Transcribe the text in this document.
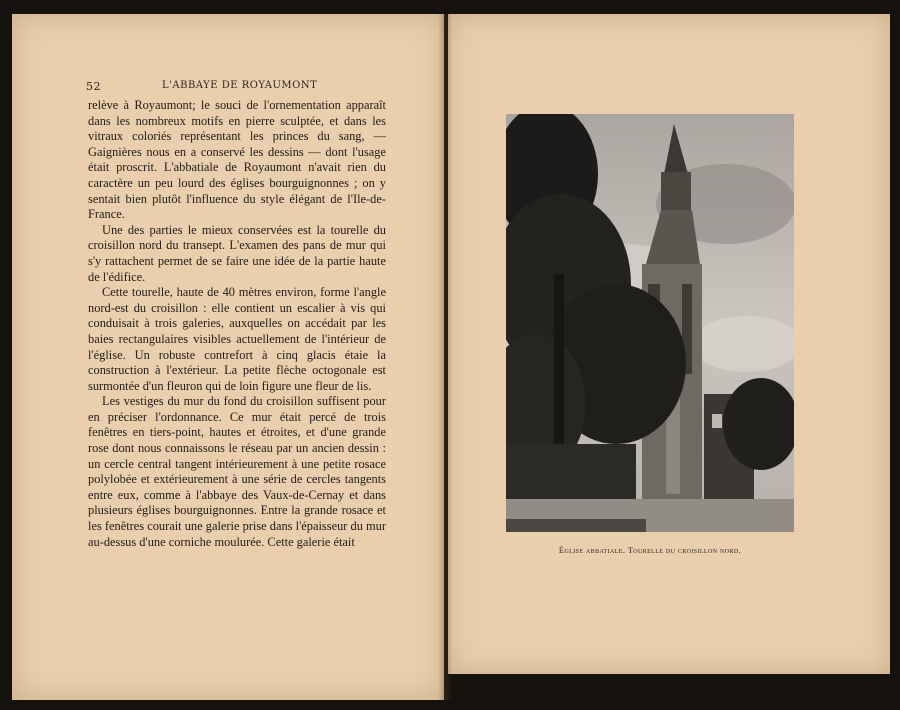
52	L'ABBAYE DE ROYAUMONT

relève à Royaumont; le souci de l'ornementation apparaît dans les nombreux motifs en pierre sculptée, et dans les vitraux coloriés représentant les princes du sang, — Gaignières nous en a conservé les dessins — dont l'usage était proscrit. L'abbatiale de Royaumont n'avait rien du caractère un peu lourd des églises bourguignonnes ; on y sentait bien plutôt l'influence du style élégant de l'Ile-de-France.

Une des parties le mieux conservées est la tourelle du croisillon nord du transept. L'examen des pans de mur qui s'y rattachent permet de se faire une idée de la partie haute de l'édifice.

Cette tourelle, haute de 40 mètres environ, forme l'angle nord-est du croisillon : elle contient un escalier à vis qui conduisait à trois galeries, auxquelles on accédait par les baies rectangulaires visibles actuellement de l'intérieur de l'église. Un robuste contrefort à cinq glacis étaie la construction à l'extérieur. La petite flèche octogonale est surmontée d'un fleuron qui de loin figure une fleur de lis.

Les vestiges du mur du fond du croisillon suffisent pour en préciser l'ordonnance. Ce mur était percé de trois fenêtres en tiers-point, hautes et étroites, et d'une grande rose dont nous connaissons le réseau par un ancien dessin : un cercle central tangent intérieurement à une petite rosace polylobée et extérieurement à une série de cercles tangents entre eux, comme à l'abbaye des Vaux-de-Cernay et dans plusieurs églises bourguignonnes. Entre la grande rosace et les fenêtres courait une galerie prise dans l'épaisseur du mur au-dessus d'une corniche moulurée. Cette galerie était

Église abbatiale. Tourelle du croisillon nord.
